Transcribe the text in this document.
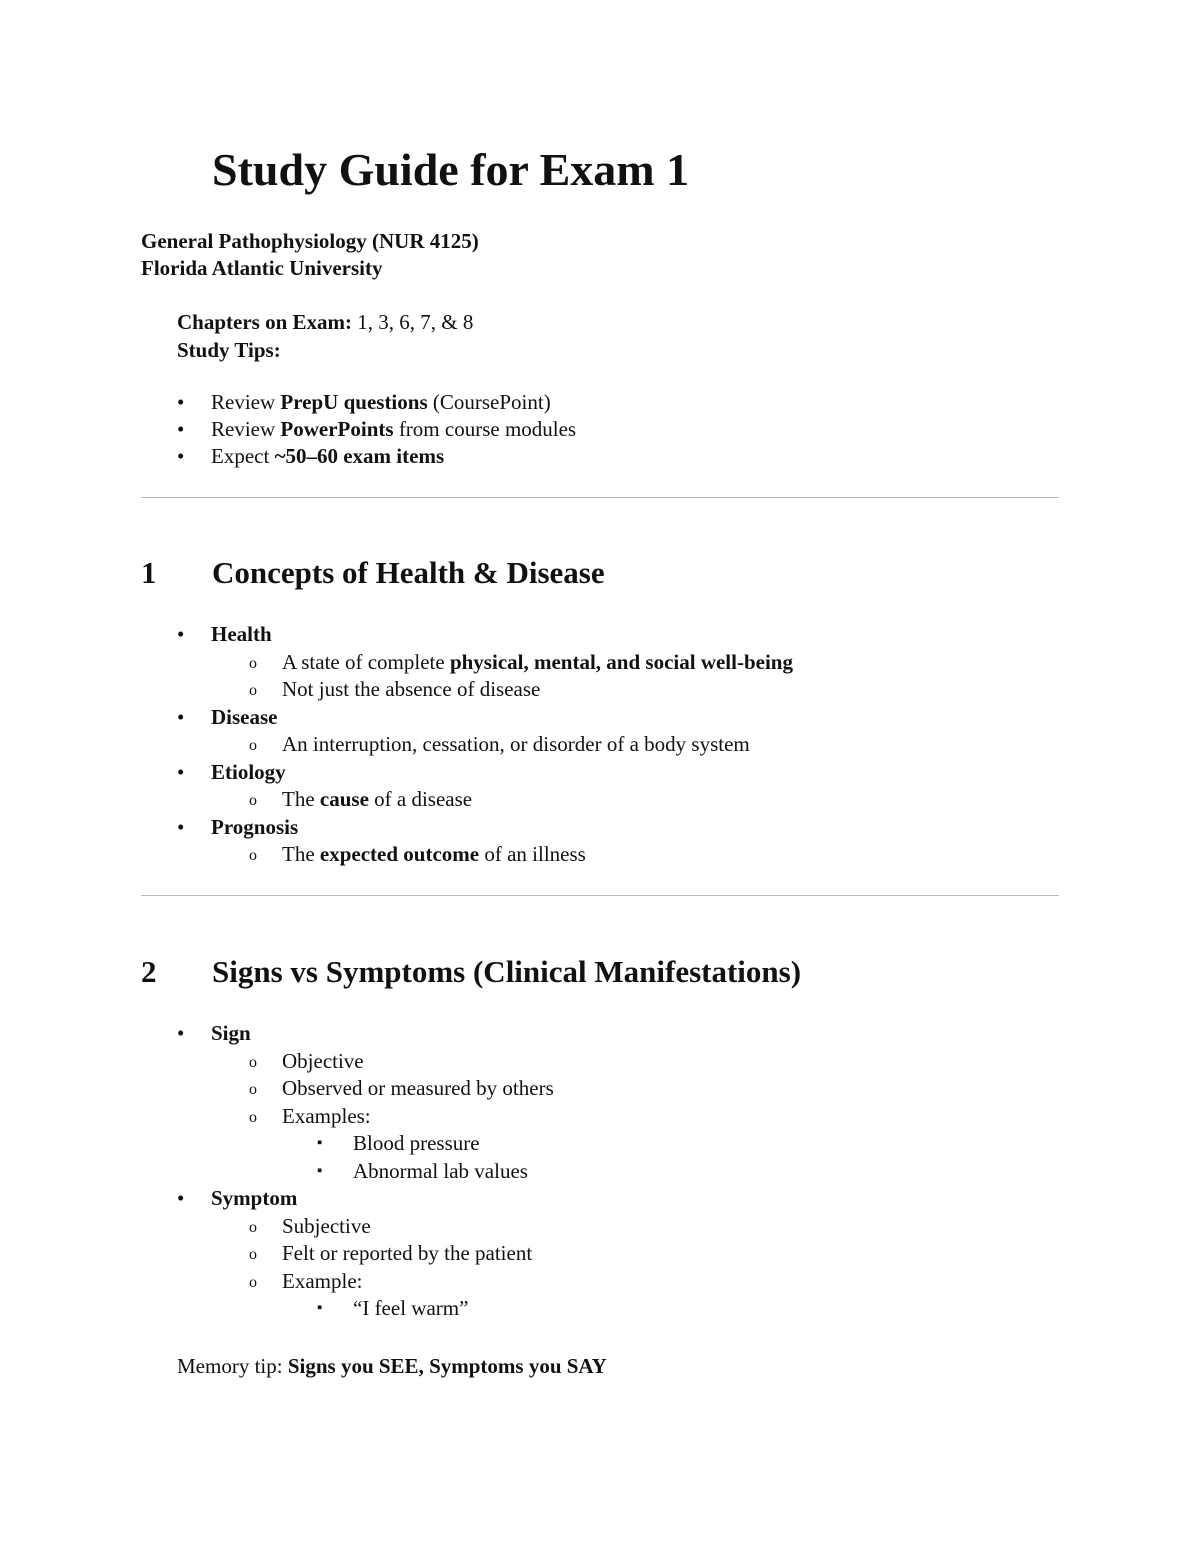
Study Guide for Exam 1
General Pathophysiology (NUR 4125)
Florida Atlantic University
Chapters on Exam: 1, 3, 6, 7, & 8
Study Tips:
• Review PrepU questions (CoursePoint)
• Review PowerPoints from course modules
• Expect ~50–60 exam items
1 Concepts of Health & Disease
• Health
o A state of complete physical, mental, and social well-being
o Not just the absence of disease
• Disease
o An interruption, cessation, or disorder of a body system
• Etiology
o The cause of a disease
• Prognosis
o The expected outcome of an illness
2 Signs vs Symptoms (Clinical Manifestations)
• Sign
o Objective
o Observed or measured by others
o Examples:
▪ Blood pressure
▪ Abnormal lab values
• Symptom
o Subjective
o Felt or reported by the patient
o Example:
▪ “I feel warm”
Memory tip: Signs you SEE, Symptoms you SAY
